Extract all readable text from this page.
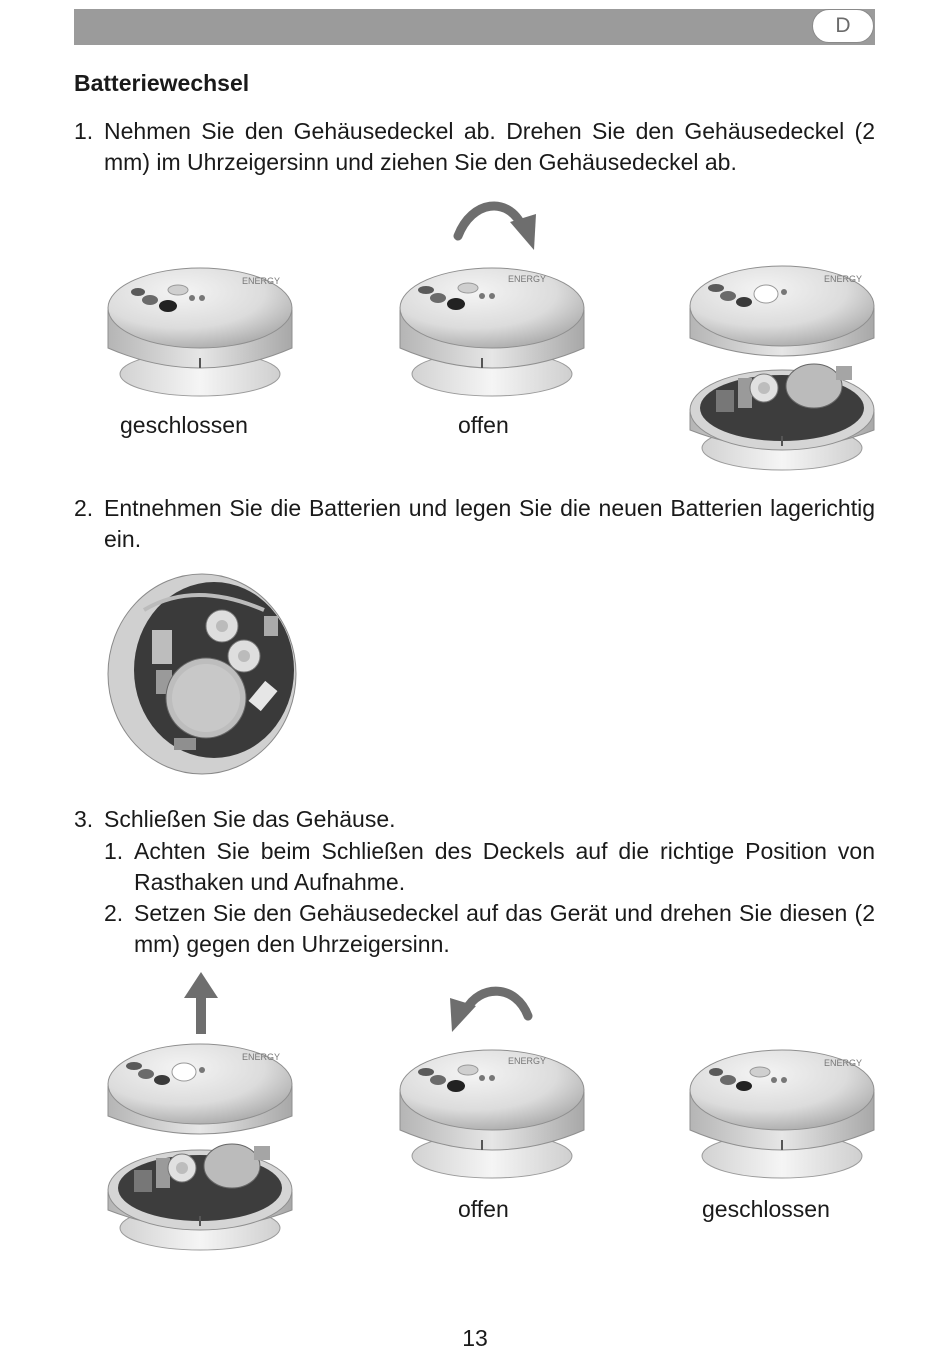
D
Batteriewechsel
1. Nehmen Sie den Gehäusedeckel ab. Drehen Sie den Gehäusedeckel (2 mm) im Uhrzeigersinn und ziehen Sie den Gehäusedeckel ab.
ENERGY	ENERGY	ENERGY
geschlossen	offen
2. Entnehmen Sie die Batterien und legen Sie die neuen Batterien lagerichtig ein.
3. Schließen Sie das Gehäuse.
1. Achten Sie beim Schließen des Deckels auf die richtige Position von Rasthaken und Aufnahme.
2. Setzen Sie den Gehäusedeckel auf das Gerät und drehen Sie diesen (2 mm) gegen den Uhrzeigersinn.
ENERGY	ENERGY	ENERGY
offen	geschlossen
13
